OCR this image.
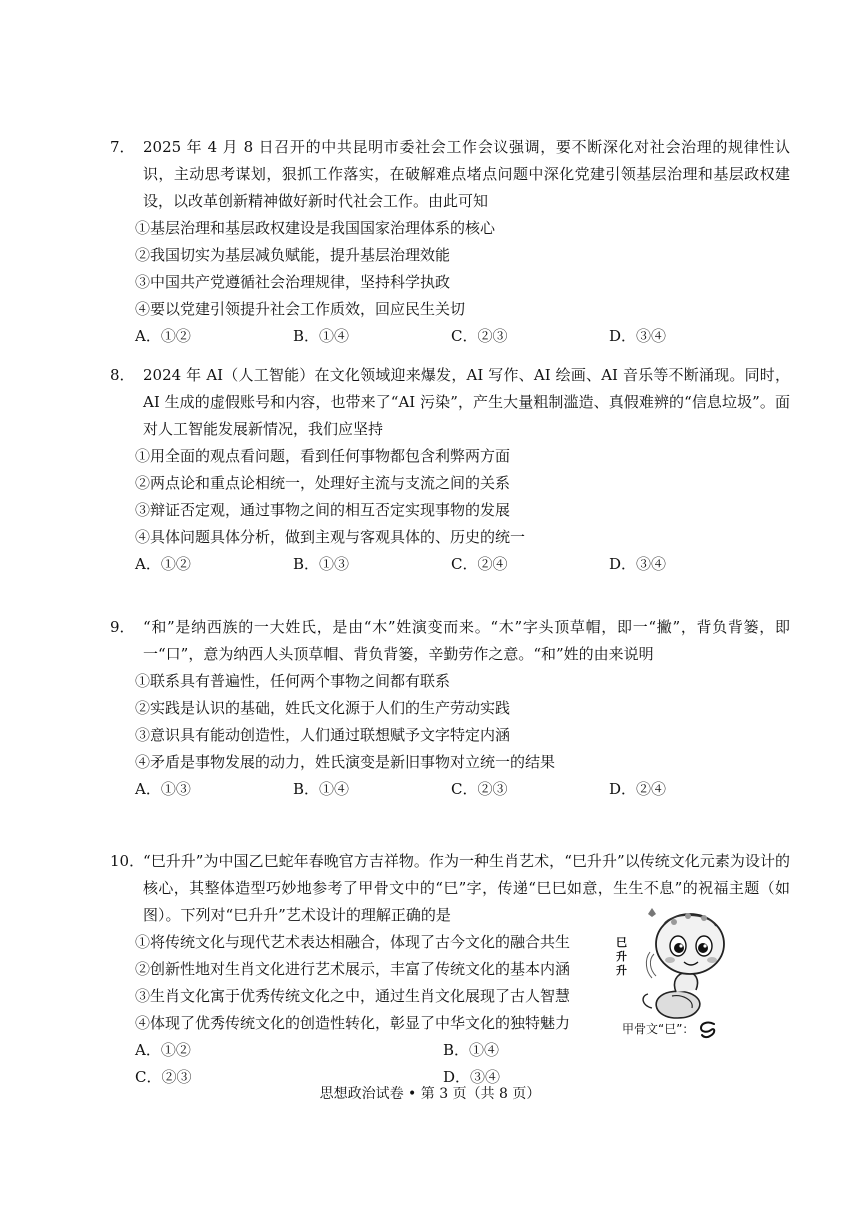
7． 2025 年 4 月 8 日召开的中共昆明市委社会工作会议强调，要不断深化对社会治理的规律性认识，主动思考谋划，狠抓工作落实，在破解难点堵点问题中深化党建引领基层治理和基层政权建设，以改革创新精神做好新时代社会工作。由此可知

①基层治理和基层政权建设是我国国家治理体系的核心

②我国切实为基层减负赋能，提升基层治理效能

③中国共产党遵循社会治理规律，坚持科学执政

④要以党建引领提升社会工作质效，回应民生关切

A．①②	B．①④	C．②③	D．③④

8． 2024 年 AI（人工智能）在文化领域迎来爆发，AI 写作、AI 绘画、AI 音乐等不断涌现。同时，AI 生成的虚假账号和内容，也带来了“AI 污染”，产生大量粗制滥造、真假难辨的“信息垃圾”。面对人工智能发展新情况，我们应坚持

①用全面的观点看问题，看到任何事物都包含利弊两方面

②两点论和重点论相统一，处理好主流与支流之间的关系

③辩证否定观，通过事物之间的相互否定实现事物的发展

④具体问题具体分析，做到主观与客观具体的、历史的统一

A．①②	B．①③	C．②④	D．③④

9． “和”是纳西族的一大姓氏，是由“木”姓演变而来。“木”字头顶草帽，即一“撇”，背负背篓，即一“口”，意为纳西人头顶草帽、背负背篓，辛勤劳作之意。“和”姓的由来说明

①联系具有普遍性，任何两个事物之间都有联系

②实践是认识的基础，姓氏文化源于人们的生产劳动实践

③意识具有能动创造性，人们通过联想赋予文字特定内涵

④矛盾是事物发展的动力，姓氏演变是新旧事物对立统一的结果

A．①③	B．①④	C．②③	D．②④

10．“巳升升”为中国乙巳蛇年春晚官方吉祥物。作为一种生肖艺术，“巳升升”以传统文化元素为设计的核心，其整体造型巧妙地参考了甲骨文中的“巳”字，传递“巳巳如意，生生不息”的祝福主题（如图）。下列对“巳升升”艺术设计的理解正确的是

①将传统文化与现代艺术表达相融合，体现了古今文化的融合共生

②创新性地对生肖文化进行艺术展示，丰富了传统文化的基本内涵

③生肖文化寓于优秀传统文化之中，通过生肖文化展现了古人智慧

④体现了优秀传统文化的创造性转化，彰显了中华文化的独特魅力

A．①②	B．①④
C．②③	D．③④
巳
升
升
甲骨文“巳”：
思想政治试卷 • 第 3 页（共 8 页）
